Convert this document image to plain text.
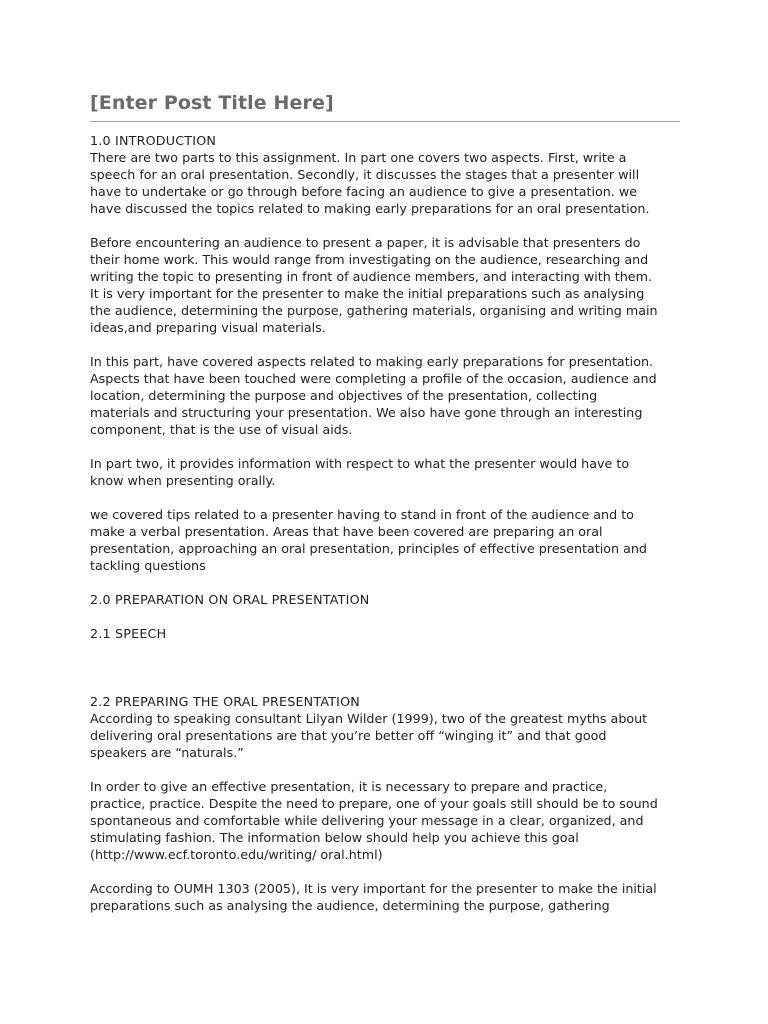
[Enter Post Title Here]

1.0 INTRODUCTION

There are two parts to this assignment. In part one covers two aspects. First, write a
speech for an oral presentation. Secondly, it discusses the stages that a presenter will
have to undertake or go through before facing an audience to give a presentation. we
have discussed the topics related to making early preparations for an oral presentation.

Before encountering an audience to present a paper, it is advisable that presenters do
their home work. This would range from investigating on the audience, researching and
writing the topic to presenting in front of audience members, and interacting with them.
It is very important for the presenter to make the initial preparations such as analysing
the audience, determining the purpose, gathering materials, organising and writing main
ideas,and preparing visual materials.

In this part, have covered aspects related to making early preparations for presentation.
Aspects that have been touched were completing a profile of the occasion, audience and
location, determining the purpose and objectives of the presentation, collecting
materials and structuring your presentation. We also have gone through an interesting
component, that is the use of visual aids.

In part two, it provides information with respect to what the presenter would have to
know when presenting orally.

we covered tips related to a presenter having to stand in front of the audience and to
make a verbal presentation. Areas that have been covered are preparing an oral
presentation, approaching an oral presentation, principles of effective presentation and
tackling questions

2.0 PREPARATION ON ORAL PRESENTATION

2.1 SPEECH

2.2 PREPARING THE ORAL PRESENTATION

According to speaking consultant Lilyan Wilder (1999), two of the greatest myths about
delivering oral presentations are that you’re better off “winging it” and that good
speakers are “naturals.”

In order to give an effective presentation, it is necessary to prepare and practice,
practice, practice. Despite the need to prepare, one of your goals still should be to sound
spontaneous and comfortable while delivering your message in a clear, organized, and
stimulating fashion. The information below should help you achieve this goal
(http://www.ecf.toronto.edu/writing/ oral.html)

According to OUMH 1303 (2005), It is very important for the presenter to make the initial
preparations such as analysing the audience, determining the purpose, gathering
